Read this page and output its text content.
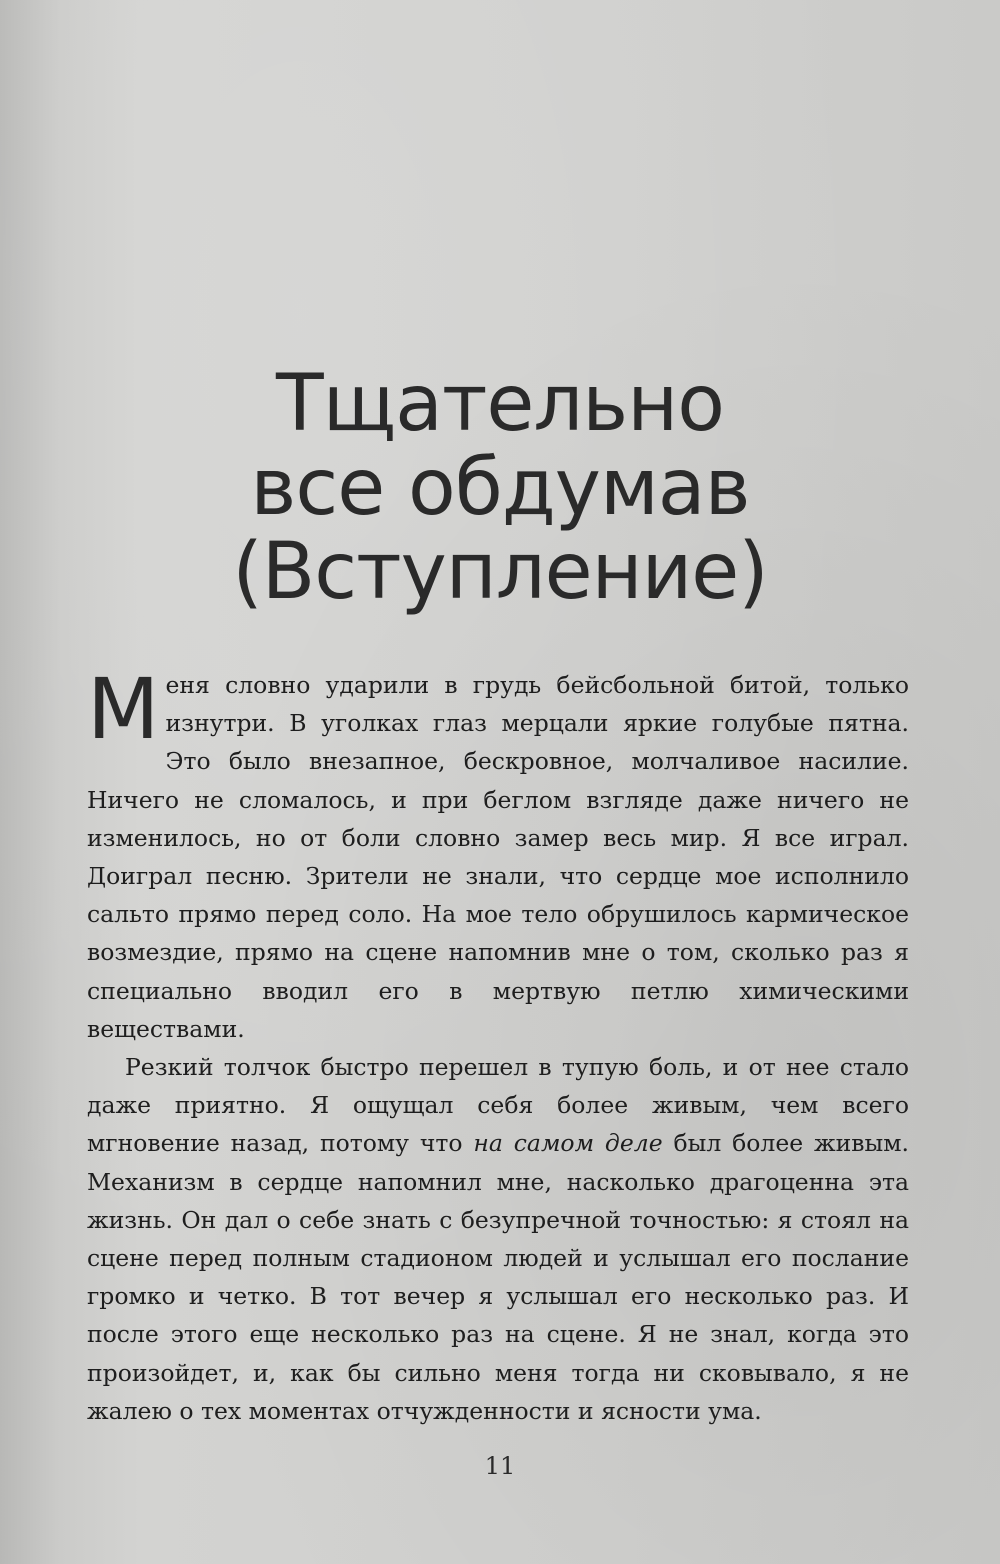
Тщательно
все обдумав
(Вступление)

Меня словно ударили в грудь бейсбольной битой, только изнутри. В уголках глаз мерцали яркие голубые пятна. Это было внезапное, бескровное, молчаливое насилие. Ничего не сломалось, и при беглом взгляде даже ничего не изменилось, но от боли словно замер весь мир. Я все играл. Доиграл песню. Зрители не знали, что сердце мое исполнило сальто прямо перед соло. На мое тело обрушилось кармическое возмездие, прямо на сцене напомнив мне о том, сколько раз я специально вводил его в мертвую петлю химическими веществами.

Резкий толчок быстро перешел в тупую боль, и от нее стало даже приятно. Я ощущал себя более живым, чем всего мгновение назад, потому что на самом деле был более живым. Механизм в сердце напомнил мне, насколько драгоценна эта жизнь. Он дал о себе знать с безупречной точностью: я стоял на сцене перед полным стадионом людей и услышал его послание громко и четко. В тот вечер я услышал его несколько раз. И после этого еще несколько раз на сцене. Я не знал, когда это произойдет, и, как бы сильно меня тогда ни сковывало, я не жалею о тех моментах отчужденности и ясности ума.

11
